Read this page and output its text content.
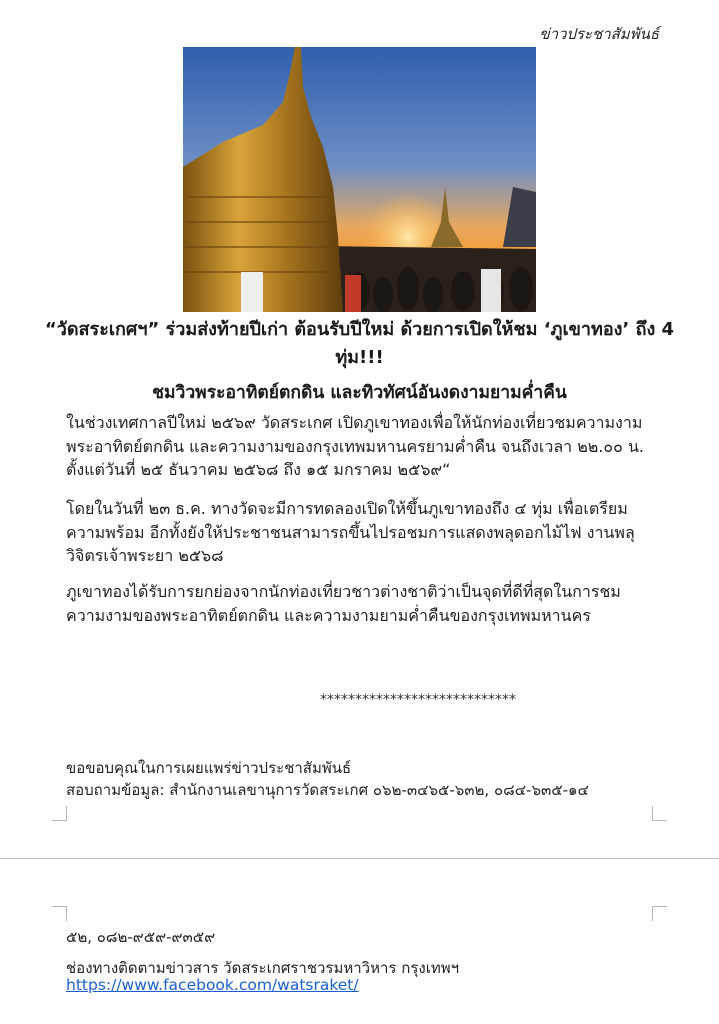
ข่าวประชาสัมพันธ์
“วัดสระเกศฯ” ร่วมส่งท้ายปีเก่า ต้อนรับปีใหม่ ด้วยการเปิดให้ชม ‘ภูเขาทอง’ ถึง 4 ทุ่ม!!!
ชมวิวพระอาทิตย์ตกดิน และทิวทัศน์อันงดงามยามค่ำคืน

ในช่วงเทศกาลปีใหม่ ๒๕๖๙ วัดสระเกศ เปิดภูเขาทองเพื่อให้นักท่องเที่ยวชมความงามพระอาทิตย์ตกดิน และความงามของกรุงเทพมหานครยามค่ำคืน จนถึงเวลา ๒๒.๐๐ น. ตั้งแต่วันที่ ๒๕ ธันวาคม ๒๕๖๘ ถึง ๑๕ มกราคม ๒๕๖๙“

โดยในวันที่ ๒๓ ธ.ค. ทางวัดจะมีการทดลองเปิดให้ขึ้นภูเขาทองถึง ๔ ทุ่ม เพื่อเตรียมความพร้อม อีกทั้งยังให้ประชาชนสามารถขึ้นไปรอชมการแสดงพลุดอกไม้ไฟ งานพลุวิจิตรเจ้าพระยา ๒๕๖๘

ภูเขาทองได้รับการยกย่องจากนักท่องเที่ยวชาวต่างชาติว่าเป็นจุดที่ดีที่สุดในการชมความงามของพระอาทิตย์ตกดิน และความงามยามค่ำคืนของกรุงเทพมหานคร

****************************
ขอขอบคุณในการเผยแพร่ข่าวประชาสัมพันธ์
สอบถามข้อมูล: สำนักงานเลขานุการวัดสระเกศ ๐๖๒-๓๔๖๕-๖๓๒, ๐๘๔-๖๓๕-๑๔
๕๒, ๐๘๒-๙๕๙-๙๓๕๙
ช่องทางติดตามข่าวสาร วัดสระเกศราชวรมหาวิหาร กรุงเทพฯ
https://www.facebook.com/watsraket/
